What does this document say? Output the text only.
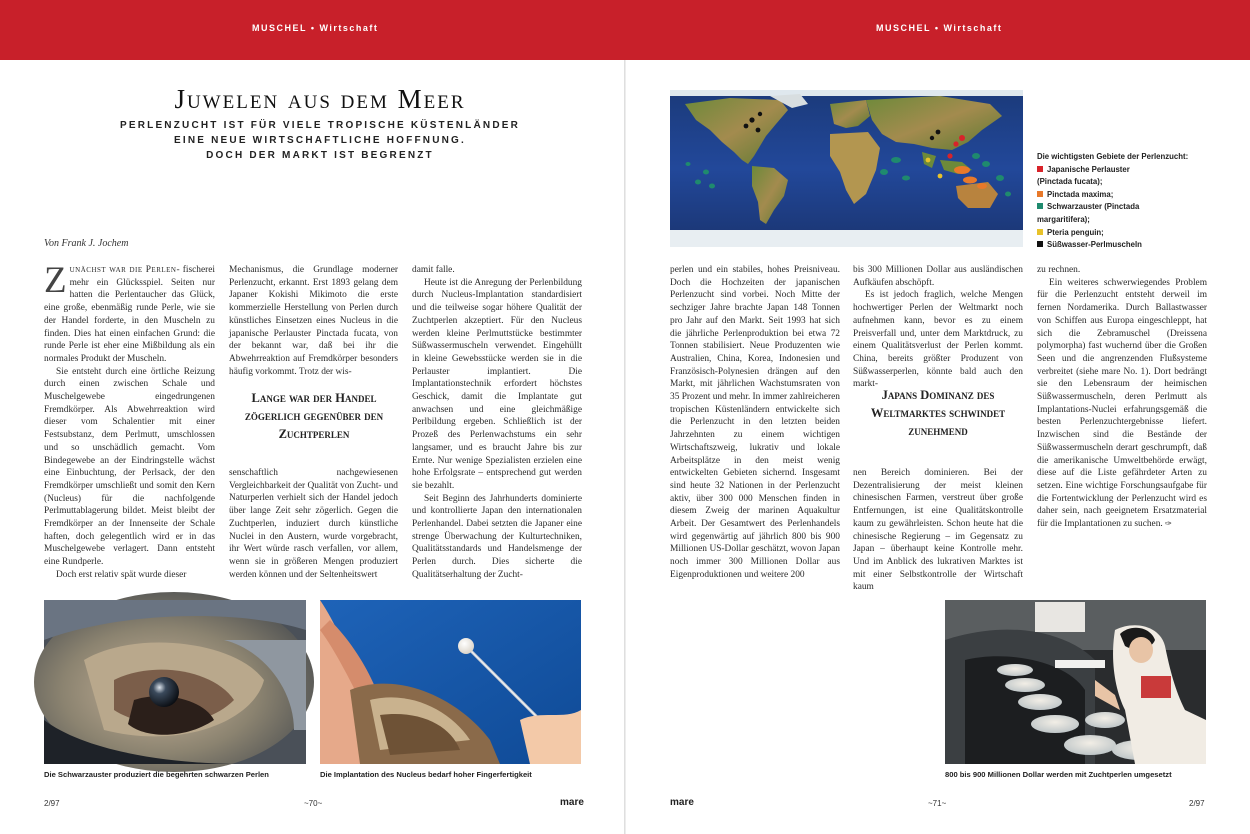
MUSCHEL • Wirtschaft	MUSCHEL • Wirtschaft
Juwelen aus dem Meer
PERLENZUCHT IST FÜR VIELE TROPISCHE KÜSTENLÄNDER
EINE NEUE WIRTSCHAFTLICHE HOFFNUNG.
DOCH DER MARKT IST BEGRENZT
Von Frank J. Jochem

Zunächst war die Perlen- fischerei mehr ein Glücksspiel. Seiten nur hatten die Perlentaucher das Glück, eine große, ebenmäßig runde Perle, wie sie der Handel forderte, in den Muscheln zu finden. Dies hat einen einfachen Grund: die runde Perle ist eher eine Mißbildung als ein normales Produkt der Muscheln.

Sie entsteht durch eine örtliche Reizung durch einen zwischen Schale und Muschelgewebe eingedrungenen Fremdkörper. Als Abwehrreaktion wird dieser vom Schalentier mit einer Festsubstanz, dem Perlmutt, umschlossen und so unschädlich gemacht. Vom Bindegewebe an der Eindringstelle wächst eine Einbuchtung, der Perlsack, der den Fremdkörper umschließt und somit den Kern (Nucleus) für die nachfolgende Perlmuttablagerung bildet. Meist bleibt der Fremdkörper an der Innenseite der Schale haften, doch gelegentlich wird er in das Muschelgewebe verlagert. Dann entsteht eine Rundperle.

Doch erst relativ spät wurde dieser

Mechanismus, die Grundlage moderner Perlenzucht, erkannt. Erst 1893 gelang dem Japaner Kokishi Mikimoto die erste kommerzielle Herstellung von Perlen durch künstliches Einsetzen eines Nucleus in die japanische Perlauster Pinctada fucata, von der bekannt war, daß bei ihr die Abwehrreaktion auf Fremdkörper besonders häufig vorkommt. Trotz der wis-

Lange war der Handel zögerlich gegenüber den Zuchtperlen

senschaftlich nachgewiesenen Vergleichbarkeit der Qualität von Zucht- und Naturperlen verhielt sich der Handel jedoch über lange Zeit sehr zögerlich. Gegen die Zuchtperlen, induziert durch künstliche Nuclei in den Austern, wurde vorgebracht, ihr Wert würde rasch verfallen, vor allem, wenn sie in größeren Mengen produziert werden können und der Seltenheitswert

damit falle.

Heute ist die Anregung der Perlenbildung durch Nucleus-Implantation standardisiert und die teilweise sogar höhere Qualität der Zuchtperlen akzeptiert. Für den Nucleus werden kleine Perlmuttstücke bestimmter Süßwassermuscheln verwendet. Eingehüllt in kleine Gewebsstücke werden sie in die Perlauster implantiert. Die Implantationstechnik erfordert höchstes Geschick, damit die Implantate gut anwachsen und eine gleichmäßige Perlbildung ergeben. Schließlich ist der Prozeß des Perlenwachstums ein sehr langsamer, und es braucht Jahre bis zur Ernte. Nur wenige Spezialisten erzielen eine hohe Erfolgsrate – entsprechend gut werden sie bezahlt.

Seit Beginn des Jahrhunderts dominierte und kontrollierte Japan den internationalen Perlenhandel. Dabei setzten die Japaner eine strenge Überwachung der Kulturtechniken, Qualitätsstandards und Handelsmenge der Perlen durch. Dies sicherte die Qualitätserhaltung der Zucht-

Die wichtigsten Gebiete der Perlenzucht:
Japanische Perlauster
(Pinctada fucata);
Pinctada maxima;
Schwarzauster (Pinctada
margaritifera);
Pteria penguin;
Süßwasser-Perlmuscheln

perlen und ein stabiles, hohes Preisniveau. Doch die Hochzeiten der japanischen Perlenzucht sind vorbei. Noch Mitte der sechziger Jahre brachte Japan 148 Tonnen pro Jahr auf den Markt. Seit 1993 hat sich die jährliche Perlenproduktion bei etwa 72 Tonnen stabilisiert. Neue Produzenten wie Australien, China, Korea, Indonesien und Französisch-Polynesien drängen auf den Markt, mit jährlichen Wachstumsraten von 35 Prozent und mehr. In immer zahlreicheren tropischen Küstenländern entwickelte sich die Perlenzucht in den letzten beiden Jahrzehnten zu einem wichtigen Wirtschaftszweig, lukrativ und lokale Arbeitsplätze in den meist wenig entwickelten Gebieten sichernd. Insgesamt sind heute 32 Nationen in der Perlenzucht aktiv, über 300 000 Menschen finden in diesem Zweig der marinen Aquakultur Arbeit. Der Gesamtwert des Perlenhandels wird gegenwärtig auf jährlich 800 bis 900 Millionen US-Dollar geschätzt, wovon Japan noch immer 300 Millionen Dollar aus Eigenproduktionen und weitere 200

bis 300 Millionen Dollar aus ausländischen Aufkäufen abschöpft.

Es ist jedoch fraglich, welche Mengen hochwertiger Perlen der Weltmarkt noch aufnehmen kann, bevor es zu einem Preisverfall und, unter dem Marktdruck, zu einem Qualitätsverlust der Perlen kommt. China, bereits größter Produzent von Süßwasserperlen, könnte bald auch den markt-

Japans Dominanz des Weltmarktes schwindet zunehmend

nen Bereich dominieren. Bei der Dezentralisierung der meist kleinen chinesischen Farmen, verstreut über große Entfernungen, ist eine Qualitätskontrolle kaum zu gewährleisten. Schon heute hat die chinesische Regierung – im Gegensatz zu Japan – überhaupt keine Kontrolle mehr. Und im Anblick des lukrativen Marktes ist mit einer Selbstkontrolle der Wirtschaft kaum

zu rechnen.

Ein weiteres schwerwiegendes Problem für die Perlenzucht entsteht derweil im fernen Nordamerika. Durch Ballastwasser von Schiffen aus Europa eingeschleppt, hat sich die Zebramuschel (Dreissena polymorpha) fast wuchernd über die Großen Seen und die angrenzenden Flußsysteme verbreitet (siehe mare No. 1). Dort bedrängt sie den Lebensraum der heimischen Süßwassermuscheln, deren Perlmutt als Implantations-Nuclei erfahrungsgemäß die besten Perlenzuchtergebnisse liefert. Inzwischen sind die Bestände der Süßwassermuscheln derart geschrumpft, daß die amerikanische Umweltbehörde erwägt, diese auf die Liste gefährdeter Arten zu setzen. Eine wichtige Forschungsaufgabe für die Fortentwicklung der Perlenzucht wird es daher sein, nach geeignetem Ersatzmaterial für die Implantationen zu suchen. ✑

Die Schwarzauster produziert die begehrten schwarzen Perlen	Die Implantation des Nucleus bedarf hoher Fingerfertigkeit	800 bis 900 Millionen Dollar werden mit Zuchtperlen umgesetzt
2/97	~70~	mare	mare	~71~	2/97
